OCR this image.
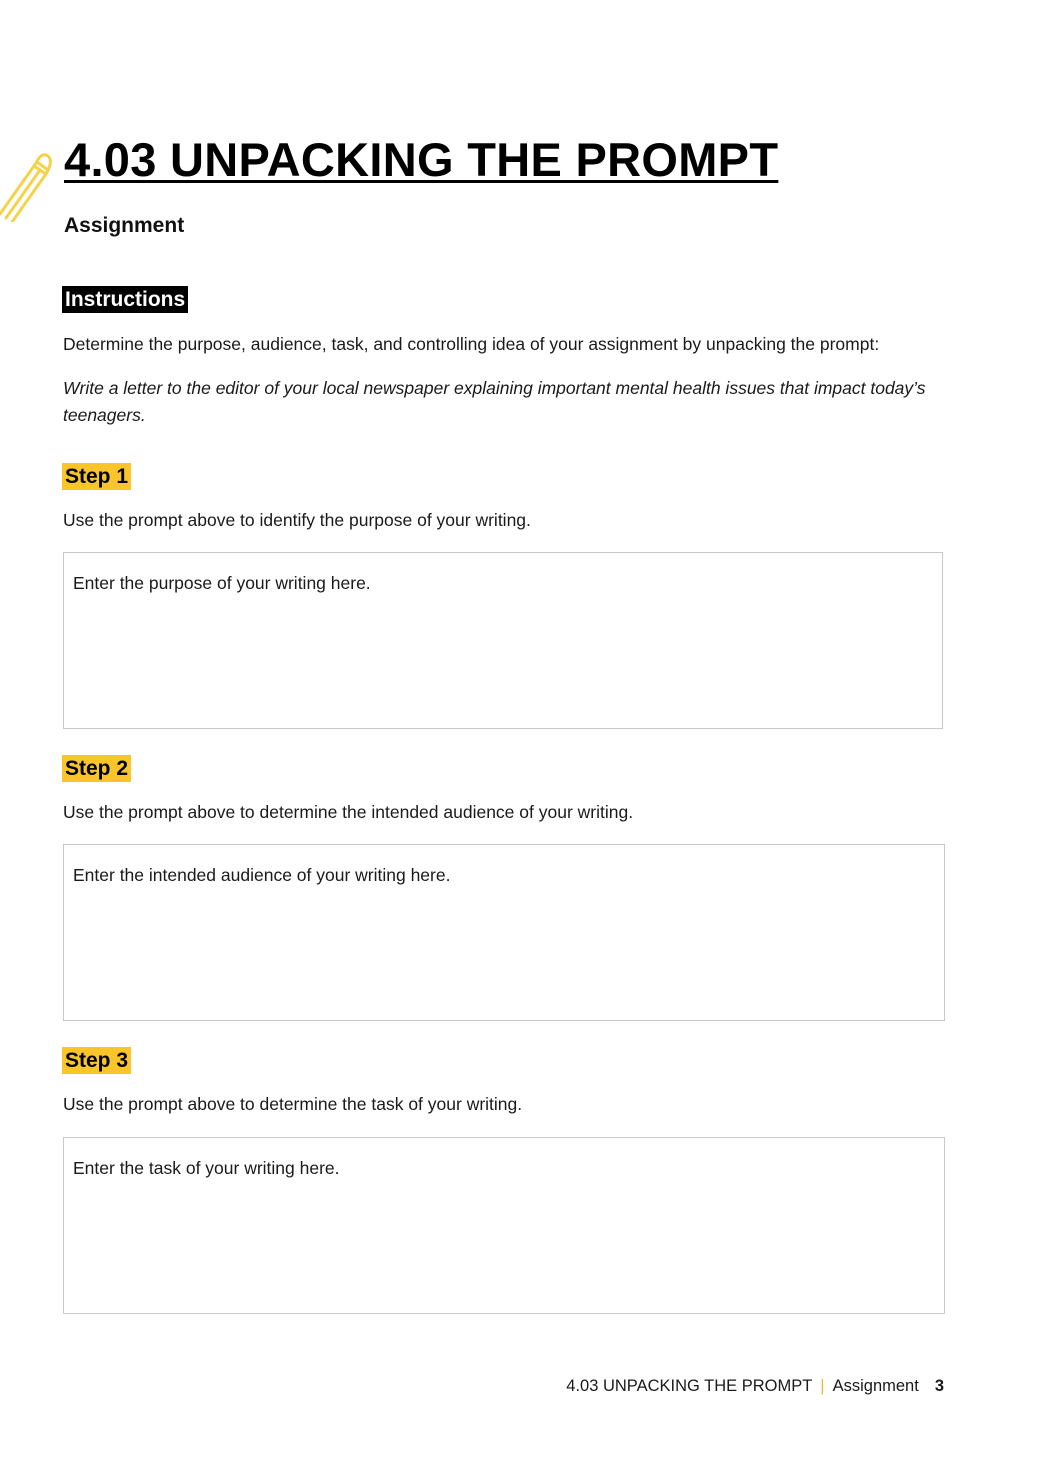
4.03 UNPACKING THE PROMPT
Assignment
Instructions
Determine the purpose, audience, task, and controlling idea of your assignment by unpacking the prompt:
Write a letter to the editor of your local newspaper explaining important mental health issues that impact today’s teenagers.
Step 1
Use the prompt above to identify the purpose of your writing.
Enter the purpose of your writing here.
Step 2
Use the prompt above to determine the intended audience of your writing.
Enter the intended audience of your writing here.
Step 3
Use the prompt above to determine the task of your writing.
Enter the task of your writing here.
4.03 UNPACKING THE PROMPT | Assignment 3
